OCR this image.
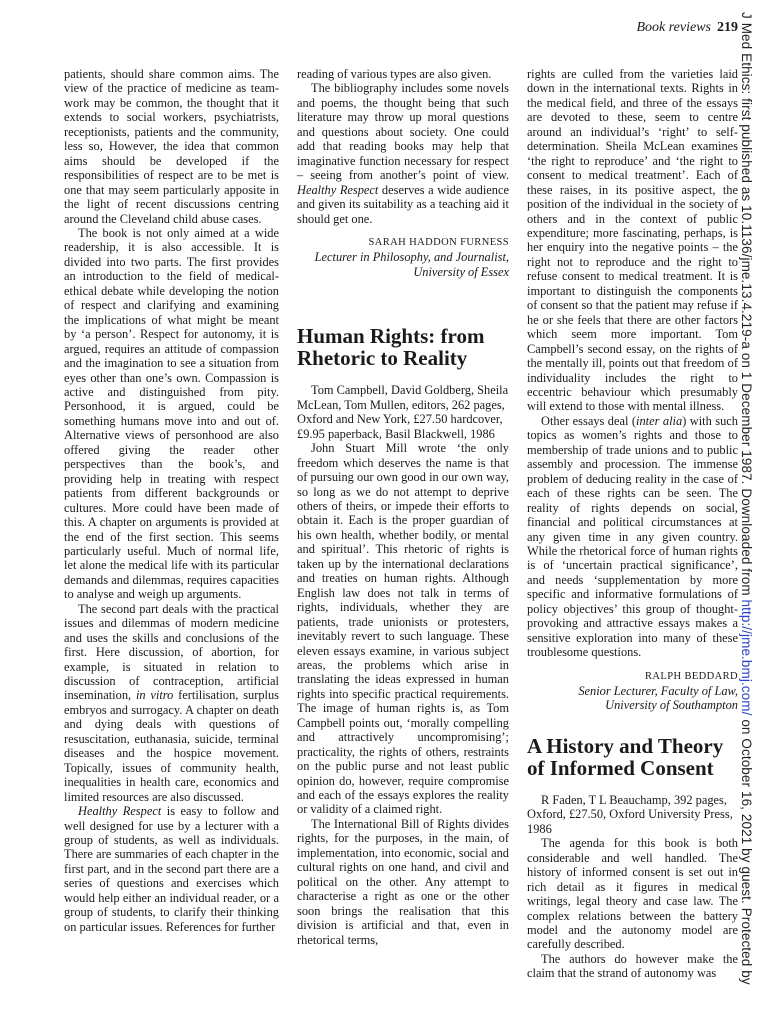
Book reviews 219

patients, should share common aims. The view of the practice of medicine as team-work may be common, the thought that it extends to social workers, psychiatrists, receptionists, patients and the community, less so, However, the idea that common aims should be developed if the responsibilities of respect are to be met is one that may seem particularly apposite in the light of recent discussions centring around the Cleveland child abuse cases.

The book is not only aimed at a wide readership, it is also accessible. It is divided into two parts. The first provides an introduction to the field of medical-ethical debate while developing the notion of respect and clarifying and examining the implications of what might be meant by ‘a person’. Respect for autonomy, it is argued, requires an attitude of compassion and the imagination to see a situation from eyes other than one’s own. Compassion is active and distinguished from pity. Personhood, it is argued, could be something humans move into and out of. Alternative views of personhood are also offered giving the reader other perspectives than the book’s, and providing help in treating with respect patients from different backgrounds or cultures. More could have been made of this. A chapter on arguments is provided at the end of the first section. This seems particularly useful. Much of normal life, let alone the medical life with its particular demands and dilemmas, requires capacities to analyse and weigh up arguments.

The second part deals with the practical issues and dilemmas of modern medicine and uses the skills and conclusions of the first. Here discussion, of abortion, for example, is situated in relation to discussion of contraception, artificial insemination, in vitro fertilisation, surplus embryos and surrogacy. A chapter on death and dying deals with questions of resuscitation, euthanasia, suicide, terminal diseases and the hospice movement. Topically, issues of community health, inequalities in health care, economics and limited resources are also discussed.

Healthy Respect is easy to follow and well designed for use by a lecturer with a group of students, as well as individuals. There are summaries of each chapter in the first part, and in the second part there are a series of questions and exercises which would help either an individual reader, or a group of students, to clarify their thinking on particular issues. References for further

reading of various types are also given.

The bibliography includes some novels and poems, the thought being that such literature may throw up moral questions and questions about society. One could add that reading books may help that imaginative function necessary for respect – seeing from another’s point of view. Healthy Respect deserves a wide audience and given its suitability as a teaching aid it should get one.

SARAH HADDON FURNESS
Lecturer in Philosophy, and Journalist,
University of Essex

Human Rights: from Rhetoric to Reality

Tom Campbell, David Goldberg, Sheila McLean, Tom Mullen, editors, 262 pages, Oxford and New York, £27.50 hardcover, £9.95 paperback, Basil Blackwell, 1986

John Stuart Mill wrote ‘the only freedom which deserves the name is that of pursuing our own good in our own way, so long as we do not attempt to deprive others of theirs, or impede their efforts to obtain it. Each is the proper guardian of his own health, whether bodily, or mental and spiritual’. This rhetoric of rights is taken up by the international declarations and treaties on human rights. Although English law does not talk in terms of rights, individuals, whether they are patients, trade unionists or protesters, inevitably revert to such language. These eleven essays examine, in various subject areas, the problems which arise in translating the ideas expressed in human rights into specific practical requirements. The image of human rights is, as Tom Campbell points out, ‘morally compelling and attractively uncompromising’; practicality, the rights of others, restraints on the public purse and not least public opinion do, however, require compromise and each of the essays explores the reality or validity of a claimed right.

The International Bill of Rights divides rights, for the purposes, in the main, of implementation, into economic, social and cultural rights on one hand, and civil and political on the other. Any attempt to characterise a right as one or the other soon brings the realisation that this division is artificial and that, even in rhetorical terms,

rights are culled from the varieties laid down in the international texts. Rights in the medical field, and three of the essays are devoted to these, seem to centre around an individual’s ‘right’ to self-determination. Sheila McLean examines ‘the right to reproduce’ and ‘the right to consent to medical treatment’. Each of these raises, in its positive aspect, the position of the individual in the society of others and in the context of public expenditure; more fascinating, perhaps, is her enquiry into the negative points – the right not to reproduce and the right to refuse consent to medical treatment. It is important to distinguish the components of consent so that the patient may refuse if he or she feels that there are other factors which seem more important. Tom Campbell’s second essay, on the rights of the mentally ill, points out that freedom of individuality includes the right to eccentric behaviour which presumably will extend to those with mental illness.

Other essays deal (inter alia) with such topics as women’s rights and those to membership of trade unions and to public assembly and procession. The immense problem of deducing reality in the case of each of these rights can be seen. The reality of rights depends on social, financial and political circumstances at any given time in any given country. While the rhetorical force of human rights is of ‘uncertain practical significance’, and needs ‘supplementation by more specific and informative formulations of policy objectives’ this group of thought-provoking and attractive essays makes a sensitive exploration into many of these troublesome questions.

RALPH BEDDARD
Senior Lecturer, Faculty of Law,
University of Southampton

A History and Theory of Informed Consent

R Faden, T L Beauchamp, 392 pages, Oxford, £27.50, Oxford University Press, 1986

The agenda for this book is both considerable and well handled. The history of informed consent is set out in rich detail as it figures in medical writings, legal theory and case law. The complex relations between the battery model and the autonomy model are carefully described.

The authors do however make the claim that the strand of autonomy was

J Med Ethics: first published as 10.1136/jme.13.4.219-a on 1 December 1987. Downloaded from http://jme.bmj.com/ on October 16, 2021 by guest. Protected by
